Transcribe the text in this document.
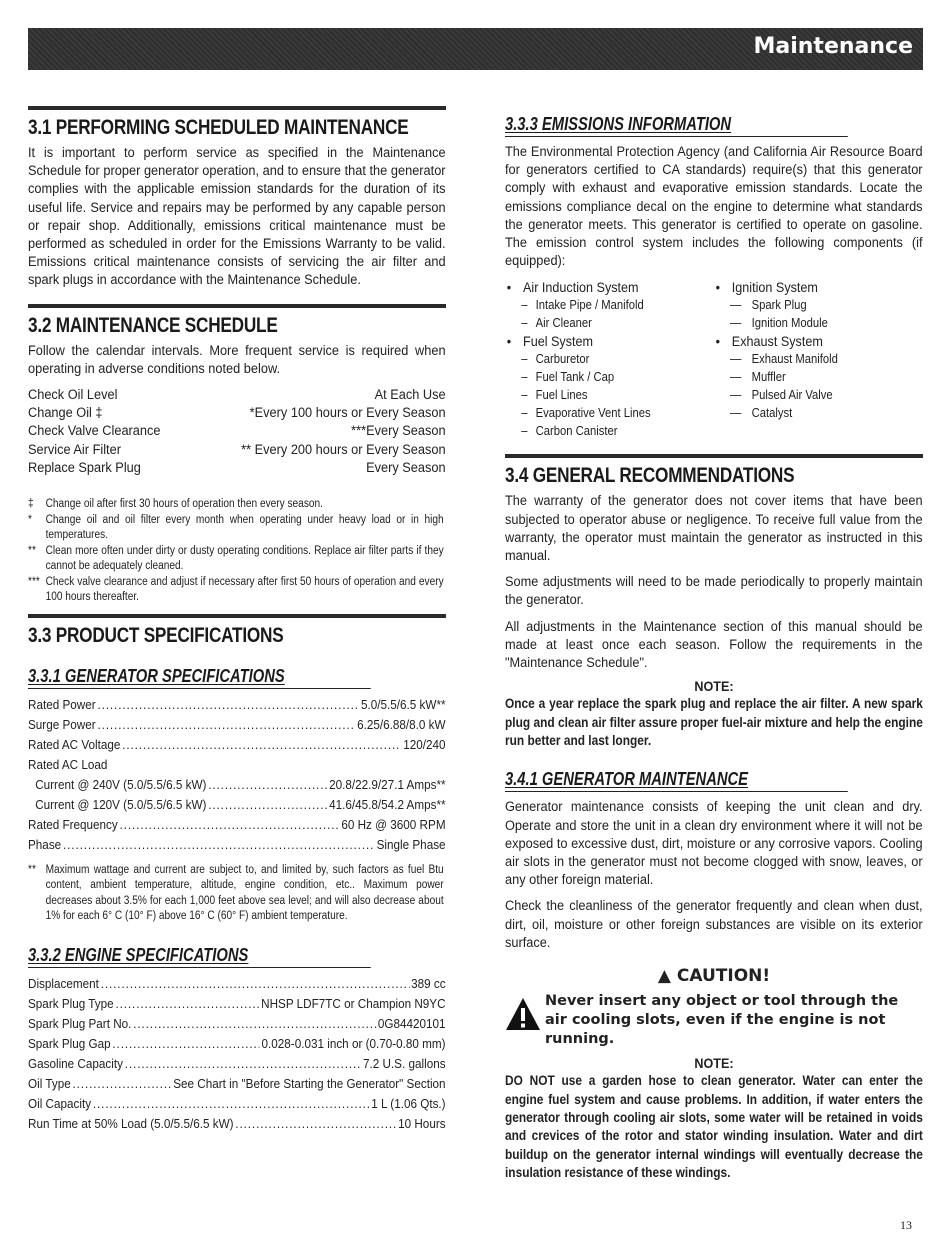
Maintenance
3.1 PERFORMING SCHEDULED MAINTENANCE

It is important to perform service as specified in the Maintenance Schedule for proper generator operation, and to ensure that the generator complies with the applicable emission standards for the duration of its useful life. Service and repairs may be performed by any capable person or repair shop. Additionally, emissions critical maintenance must be performed as scheduled in order for the Emissions Warranty to be valid. Emissions critical maintenance consists of servicing the air filter and spark plugs in accordance with the Maintenance Schedule.

3.2 MAINTENANCE SCHEDULE

Follow the calendar intervals. More frequent service is required when operating in adverse conditions noted below.

Check Oil Level	At Each Use
Change Oil ‡	*Every 100 hours or Every Season
Check Valve Clearance	***Every Season
Service Air Filter	** Every 200 hours or Every Season
Replace Spark Plug	Every Season
‡	Change oil after first 30 hours of operation then every season.
*	Change oil and oil filter every month when operating under heavy load or in high temperatures.
** Clean more often under dirty or dusty operating conditions. Replace air filter parts if they cannot be adequately cleaned.
*** Check valve clearance and adjust if necessary after first 50 hours of operation and every 100 hours thereafter.
3.3 PRODUCT SPECIFICATIONS
3.3.1 GENERATOR SPECIFICATIONS
Rated Power .....	5.0/5.5/6.5 kW**
Surge Power .....	6.25/6.88/8.0 kW
Rated AC Voltage .....	120/240
Rated AC Load
Current @ 240V (5.0/5.5/6.5 kW) .....	20.8/22.9/27.1 Amps**
Current @ 120V (5.0/5.5/6.5 kW) .....	41.6/45.8/54.2 Amps**
Rated Frequency .....	60 Hz @ 3600 RPM
Phase .....	Single Phase
** Maximum wattage and current are subject to, and limited by, such factors as fuel Btu content, ambient temperature, altitude, engine condition, etc.. Maximum power decreases about 3.5% for each 1,000 feet above sea level; and will also decrease about 1% for each 6° C (10° F) above 16° C (60° F) ambient temperature.
3.3.2 ENGINE SPECIFICATIONS
Displacement .....	389 cc
Spark Plug Type .....	NHSP LDF7TC or Champion N9YC
Spark Plug Part No. .....	0G84420101
Spark Plug Gap .....	0.028-0.031 inch or (0.70-0.80 mm)
Gasoline Capacity .....	7.2 U.S. gallons
Oil Type .....	See Chart in "Before Starting the Generator" Section
Oil Capacity .....	1 L (1.06 Qts.)
Run Time at 50% Load (5.0/5.5/6.5 kW) .....	10 Hours
3.3.3 EMISSIONS INFORMATION

The Environmental Protection Agency (and California Air Resource Board for generators certified to CA standards) require(s) that this generator comply with exhaust and evaporative emission standards. Locate the emissions compliance decal on the engine to determine what standards the generator meets. This generator is certified to operate on gasoline. The emission control system includes the following components (if equipped):

• Air Induction System
– Intake Pipe / Manifold
– Air Cleaner
• Fuel System
– Carburetor
– Fuel Tank / Cap
– Fuel Lines
– Evaporative Vent Lines
– Carbon Canister
• Ignition System
— Spark Plug
— Ignition Module
• Exhaust System
— Exhaust Manifold
— Muffler
— Pulsed Air Valve
— Catalyst
3.4 GENERAL RECOMMENDATIONS

The warranty of the generator does not cover items that have been subjected to operator abuse or negligence. To receive full value from the warranty, the operator must maintain the generator as instructed in this manual.

Some adjustments will need to be made periodically to properly maintain the generator.

All adjustments in the Maintenance section of this manual should be made at least once each season. Follow the requirements in the "Maintenance Schedule".

NOTE:

Once a year replace the spark plug and replace the air filter. A new spark plug and clean air filter assure proper fuel-air mixture and help the engine run better and last longer.

3.4.1 GENERATOR MAINTENANCE

Generator maintenance consists of keeping the unit clean and dry. Operate and store the unit in a clean dry environment where it will not be exposed to excessive dust, dirt, moisture or any corrosive vapors. Cooling air slots in the generator must not become clogged with snow, leaves, or any other foreign material.

Check the cleanliness of the generator frequently and clean when dust, dirt, oil, moisture or other foreign substances are visible on its exterior surface.

▲ CAUTION!
Never insert any object or tool through the air cooling slots, even if the engine is not running.
NOTE:

DO NOT use a garden hose to clean generator. Water can enter the engine fuel system and cause problems. In addition, if water enters the generator through cooling air slots, some water will be retained in voids and crevices of the rotor and stator winding insulation. Water and dirt buildup on the generator internal windings will eventually decrease the insulation resistance of these windings.

13
